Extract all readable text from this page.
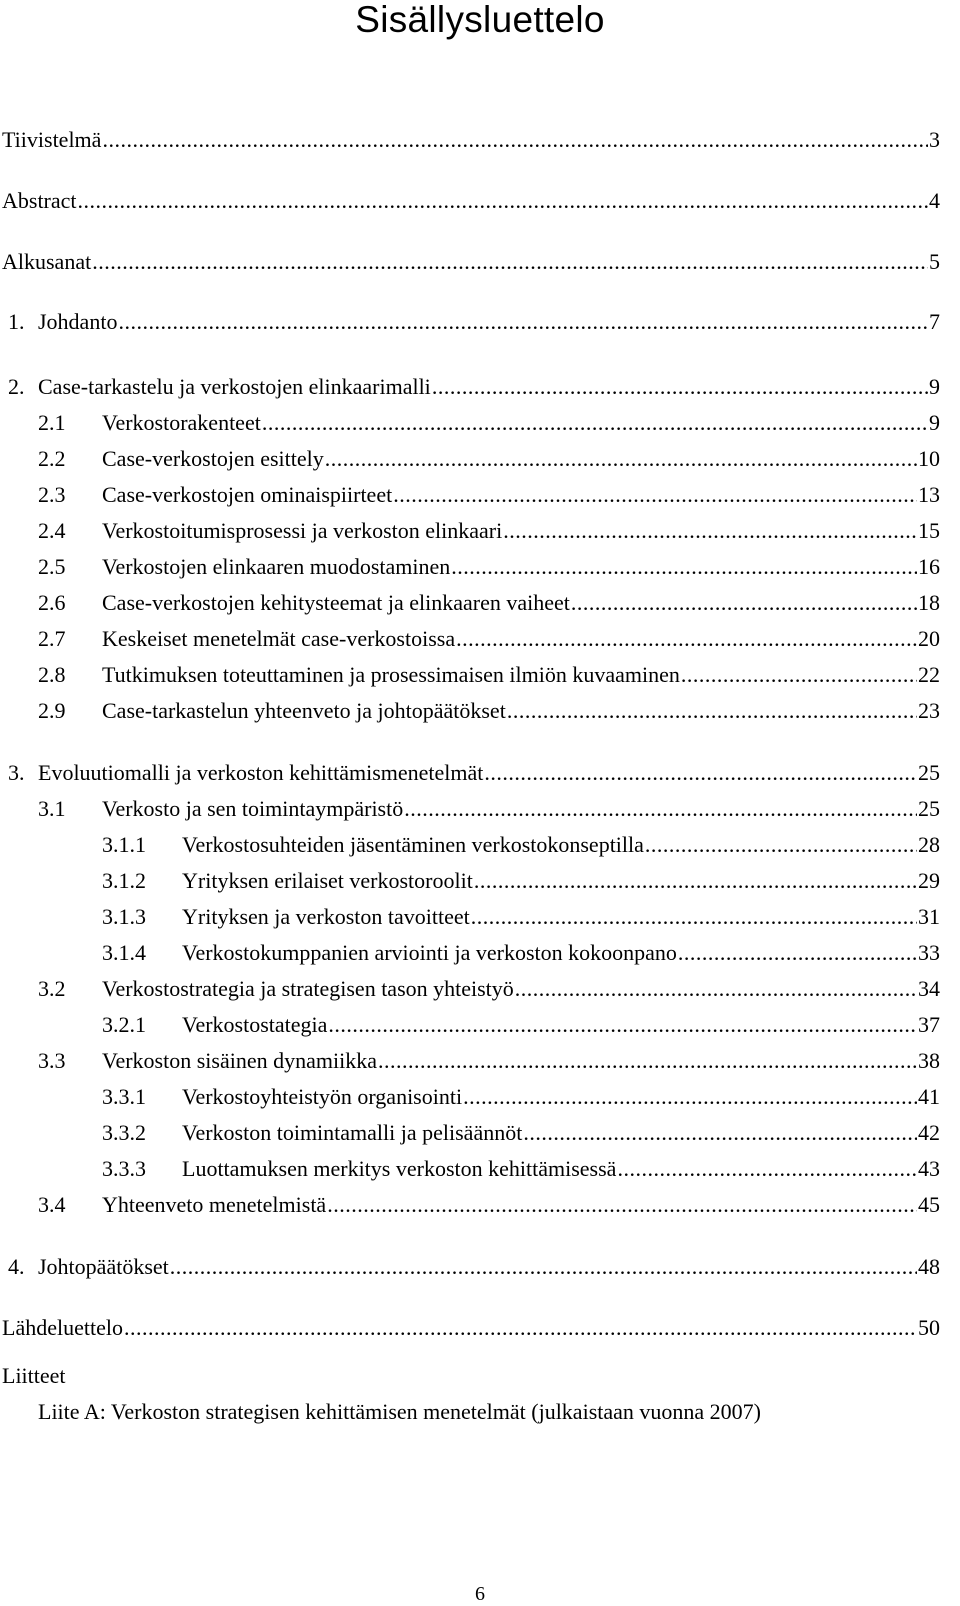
Sisällysluettelo
Tiivistelmä .....	3
Abstract .....	4
Alkusanat .....	5
1. Johdanto .....	7
2. Case-tarkastelu ja verkostojen elinkaarimalli .....	9
2.1	Verkostorakenteet .....	9
2.2	Case-verkostojen esittely .....	10
2.3	Case-verkostojen ominaispiirteet .....	13
2.4	Verkostoitumisprosessi ja verkoston elinkaari .....	15
2.5	Verkostojen elinkaaren muodostaminen .....	16
2.6	Case-verkostojen kehitysteemat ja elinkaaren vaiheet .....	18
2.7	Keskeiset menetelmät case-verkostoissa .....	20
2.8	Tutkimuksen toteuttaminen ja prosessimaisen ilmiön kuvaaminen .....	22
2.9	Case-tarkastelun yhteenveto ja johtopäätökset .....	23
3. Evoluutiomalli ja verkoston kehittämismenetelmät .....	25
3.1	Verkosto ja sen toimintaympäristö .....	25
3.1.1	Verkostosuhteiden jäsentäminen verkostokonseptilla .....	28
3.1.2	Yrityksen erilaiset verkostoroolit .....	29
3.1.3	Yrityksen ja verkoston tavoitteet .....	31
3.1.4	Verkostokumppanien arviointi ja verkoston kokoonpano .....	33
3.2	Verkostostrategia ja strategisen tason yhteistyö .....	34
3.2.1	Verkostostategia .....	37
3.3	Verkoston sisäinen dynamiikka .....	38
3.3.1	Verkostoyhteistyön organisointi .....	41
3.3.2	Verkoston toimintamalli ja pelisäännöt .....	42
3.3.3	Luottamuksen merkitys verkoston kehittämisessä .....	43
3.4	Yhteenveto menetelmistä .....	45
4. Johtopäätökset .....	48
Lähdeluettelo .....	50
Liitteet
Liite A: Verkoston strategisen kehittämisen menetelmät (julkaistaan vuonna 2007)
6
